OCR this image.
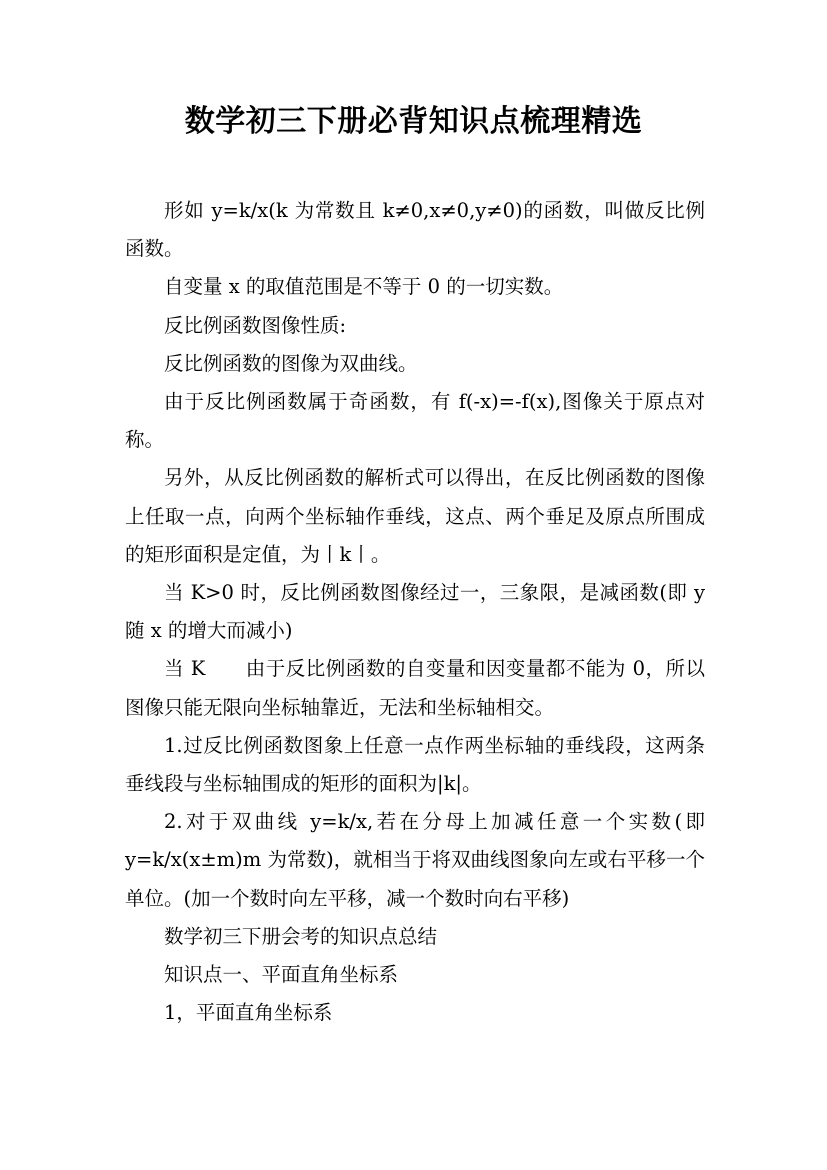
数学初三下册必背知识点梳理精选

形如 y=k/x(k 为常数且 k≠0,x≠0,y≠0)的函数，叫做反比例函数。

自变量 x 的取值范围是不等于 0 的一切实数。

反比例函数图像性质:

反比例函数的图像为双曲线。

由于反比例函数属于奇函数，有 f(-x)=-f(x),图像关于原点对称。

另外，从反比例函数的解析式可以得出，在反比例函数的图像上任取一点，向两个坐标轴作垂线，这点、两个垂足及原点所围成的矩形面积是定值，为丨k丨。

当 K>0 时，反比例函数图像经过一，三象限，是减函数(即 y 随 x 的增大而减小)

当 K　　由于反比例函数的自变量和因变量都不能为 0，所以图像只能无限向坐标轴靠近，无法和坐标轴相交。

1.过反比例函数图象上任意一点作两坐标轴的垂线段，这两条垂线段与坐标轴围成的矩形的面积为|k|。

2.对于双曲线 y=k/x,若在分母上加减任意一个实数(即 y=k/x(x±m)m 为常数)，就相当于将双曲线图象向左或右平移一个单位。(加一个数时向左平移，减一个数时向右平移)

数学初三下册会考的知识点总结

知识点一、平面直角坐标系

1，平面直角坐标系
